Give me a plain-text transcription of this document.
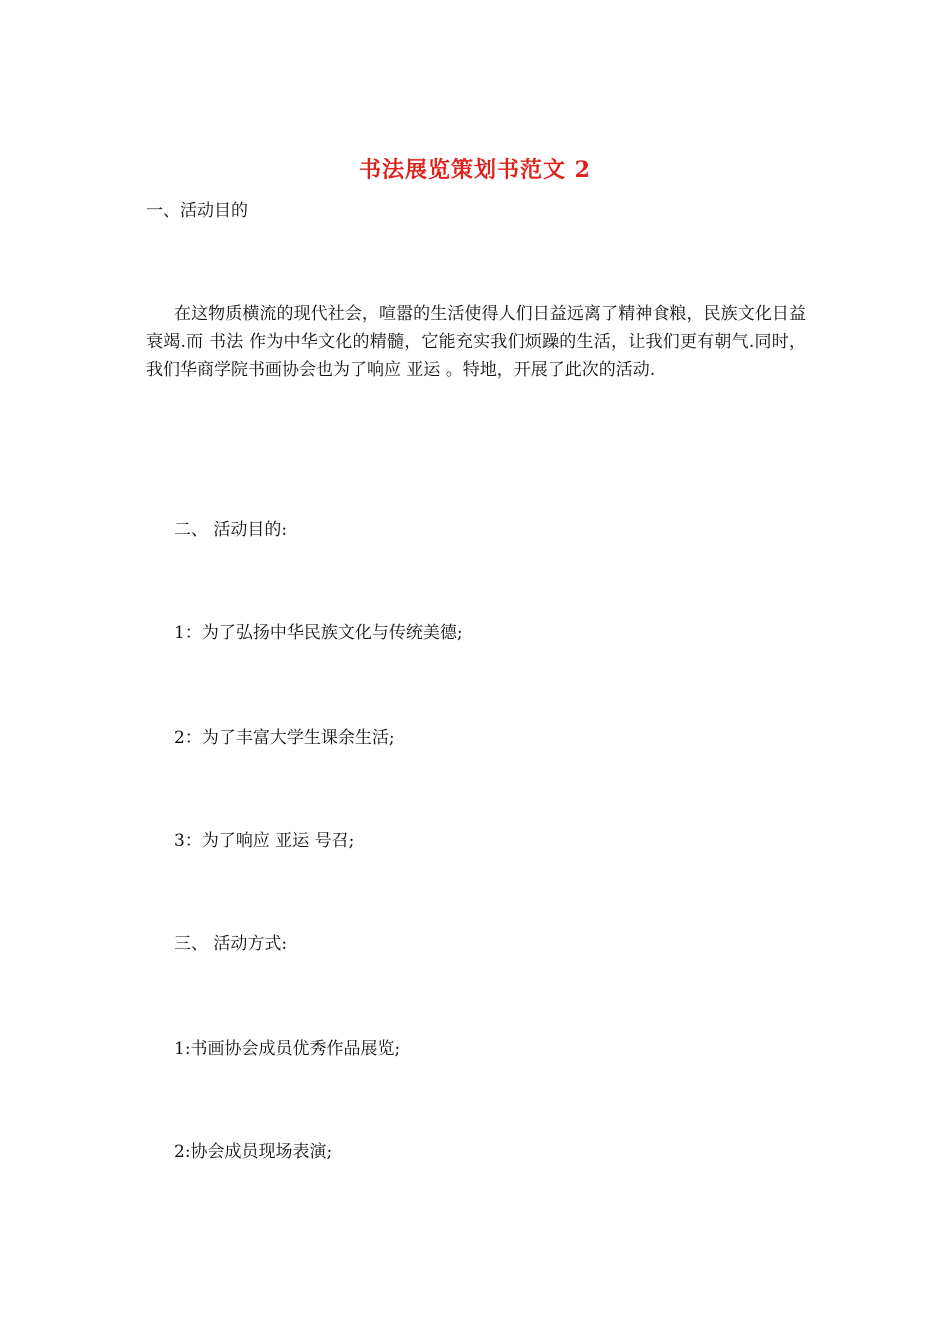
书法展览策划书范文 2
一、活动目的

在这物质横流的现代社会，喧嚣的生活使得人们日益远离了精神食粮，民族文化日益衰竭.而 书法 作为中华文化的精髓，它能充实我们烦躁的生活，让我们更有朝气.同时，我们华商学院书画协会也为了响应 亚运 。特地，开展了此次的活动.

二、 活动目的:
1：为了弘扬中华民族文化与传统美德;
2：为了丰富大学生课余生活;
3：为了响应 亚运 号召;
三、 活动方式:
1:书画协会成员优秀作品展览;
2:协会成员现场表演;
